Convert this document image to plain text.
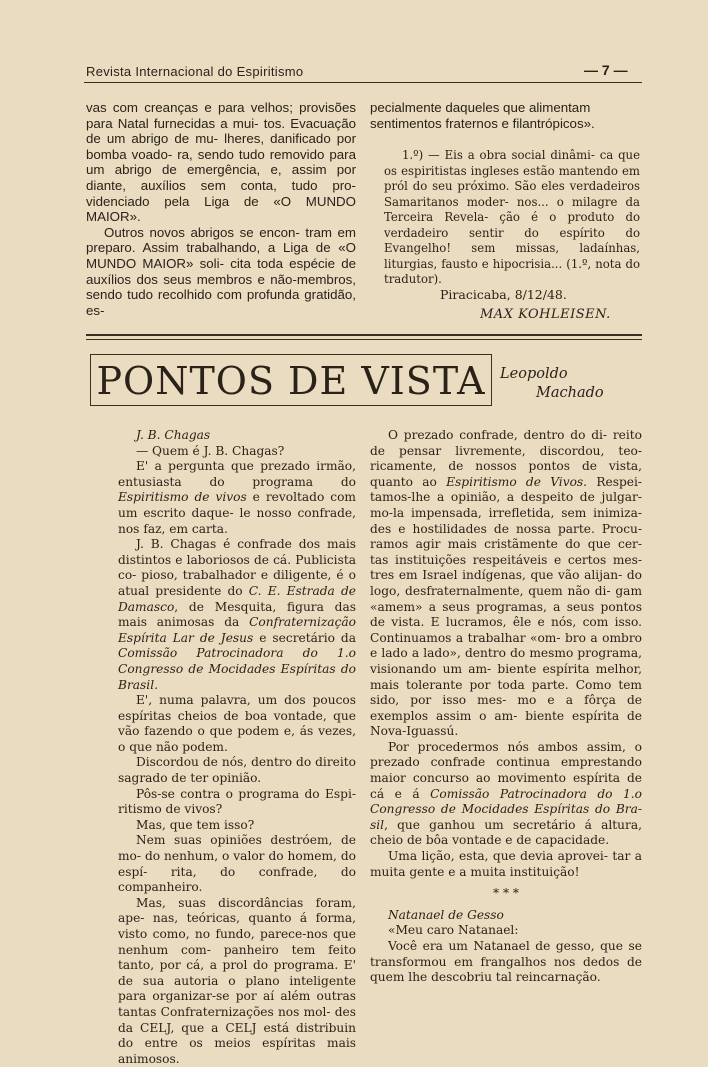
Revista Internacional do Espiritismo	— 7 —

vas com creanças e para velhos; provisões para Natal furnecidas a mui- tos. Evacuação de um abrigo de mu- lheres, danificado por bomba voado- ra, sendo tudo removido para um abrigo de emergência, e, assim por diante, auxílios sem conta, tudo pro- videnciado pela Liga de «O MUNDO MAIOR».

Outros novos abrigos se encon- tram em preparo. Assim trabalhando, a Liga de «O MUNDO MAIOR» soli- cita toda espécie de auxílios dos seus membros e não-membros, sendo tudo recolhido com profunda gratidão, es-

pecialmente daqueles que alimentam sentimentos fraternos e filantrópicos».

1.º) — Eis a obra social dinâmi- ca que os espiritistas ingleses estão mantendo em pról do seu próximo. São eles verdadeiros Samaritanos moder- nos... o milagre da Terceira Revela- ção é o produto do verdadeiro sentir do espírito do Evangelho! sem missas, ladaínhas, liturgias, fausto e hipocrisia... (1.º, nota do tradutor).

Piracicaba, 8/12/48.
MAX KOHLEISEN.
PONTOS DE VISTA Leopoldo
Machado

J. B. Chagas

— Quem é J. B. Chagas?

E' a pergunta que prezado irmão, entusiasta do programa do Espiritismo de vivos e revoltado com um escrito daque- le nosso confrade, nos faz, em carta.

J. B. Chagas é confrade dos mais distintos e laboriosos de cá. Publicista co- pioso, trabalhador e diligente, é o atual presidente do C. E. Estrada de Damasco, de Mesquita, figura das mais animosas da Confraternização Espírita Lar de Jesus e secretário da Comissão Patrocinadora do 1.o Congresso de Mocidades Espíritas do Brasil.

E', numa palavra, um dos poucos espíritas cheios de boa vontade, que vão fazendo o que podem e, ás vezes, o que não podem.

Discordou de nós, dentro do direito sagrado de ter opinião.

Pôs-se contra o programa do Espi- ritismo de vivos?

Mas, que tem isso?

Nem suas opiniões destróem, de mo- do nenhum, o valor do homem, do espí- rita, do confrade, do companheiro.

Mas, suas discordâncias foram, ape- nas, teóricas, quanto á forma, visto como, no fundo, parece-nos que nenhum com- panheiro tem feito tanto, por cá, a prol do programa. E' de sua autoria o plano inteligente para organizar-se por aí além outras tantas Confraternizações nos mol- des da CELJ, que a CELJ está distribuin do entre os meios espíritas mais animosos.

O prezado confrade, dentro do di- reito de pensar livremente, discordou, teo- ricamente, de nossos pontos de vista, quanto ao Espiritismo de Vivos. Respei- tamos-lhe a opinião, a despeito de julgar- mo-la impensada, irrefletida, sem inimiza- des e hostilidades de nossa parte. Procu- ramos agir mais cristãmente do que cer- tas instituições respeitáveis e certos mes- tres em Israel indígenas, que vão alijan- do logo, desfraternalmente, quem não di- gam «amem» a seus programas, a seus pontos de vista. E lucramos, êle e nós, com isso. Continuamos a trabalhar «om- bro a ombro e lado a lado», dentro do mesmo programa, visionando um am- biente espírita melhor, mais tolerante por toda parte. Como tem sido, por isso mes- mo e a fôrça de exemplos assim o am- biente espírita de Nova-Iguassú.

Por procedermos nós ambos assim, o prezado confrade continua emprestando maior concurso ao movimento espírita de cá e á Comissão Patrocinadora do 1.o Congresso de Mocidades Espíritas do Bra- sil, que ganhou um secretário á altura, cheio de bôa vontade e de capacidade.

Uma lição, esta, que devia aprovei- tar a muita gente e a muita instituição!

* * *

Natanael de Gesso

«Meu caro Natanael:

Você era um Natanael de gesso, que se transformou em frangalhos nos dedos de quem lhe descobriu tal reincarnação.
